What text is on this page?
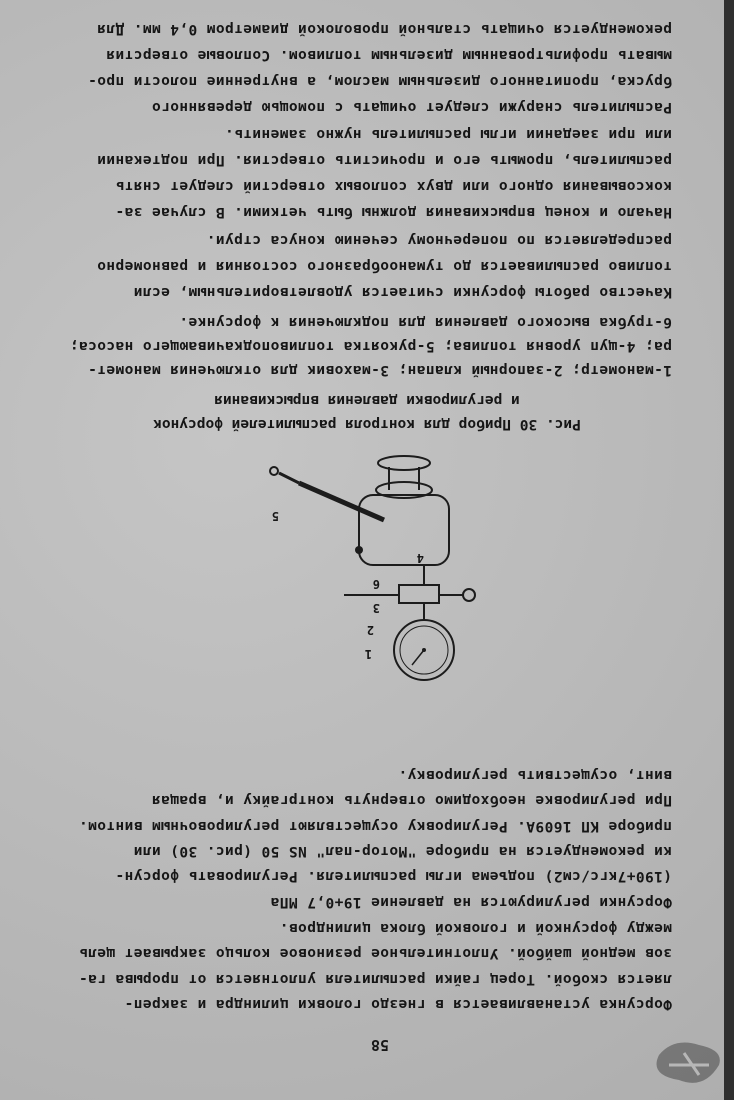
58
Форсунка устанавливается в гнездо головки цилиндра и закреп-
ляется скобой. Торец гайки распылителя уплотняется от прорыва га-
зов медной шайбой. Уплотнительное резиновое кольцо закрывает щель
между форсункой и головкой блока цилиндров.
Форсунки регулируются на давление 19+0,7 МПа
(190+7кгс/см2) подъема иглы распылителя. Регулировать форсун-
ки рекомендуется на приборе "Мотор-пал" NS 50 (рис. 30) или
приборе КП 1609А. Регулировку осуществляют регулировочным винтом.
При регулировке необходимо отвернуть контргайку и, вращая
винт, осуществить регулировку.
1
2
3
4
5
6
Рис. 30 Прибор для контроля распылителей форсунок
и регулировки давления впрыскивания
1-манометр; 2-запорный клапан; 3-маховик для отключения маномет-
ра; 4-щуп уровня топлива; 5-рукоятка топливоподкачивающего насоса;
6-трубка высокого давления для подключения к форсунке.
Качество работы форсунки считается удовлетворительным, если
топливо распыливается до туманообразного состояния и равномерно
распределяется по поперечному сечению конуса струи.
Начало и конец впрыскивания должны быть четкими. В случае за-
коксовывания одного или двух сопловых отверстий следует снять
распылитель, промыть его и прочистить отверстия. При подтекании
или при заедании иглы распылитель нужно заменить.
Распылитель снаружи следует очищать с помощью деревянного
бруска, пропитанного дизельным маслом, а внутренние полости про-
мывать профильтрованным дизельным топливом. Сопловые отверстия
рекомендуется очищать стальной проволокой диаметром 0,4 мм. Для
